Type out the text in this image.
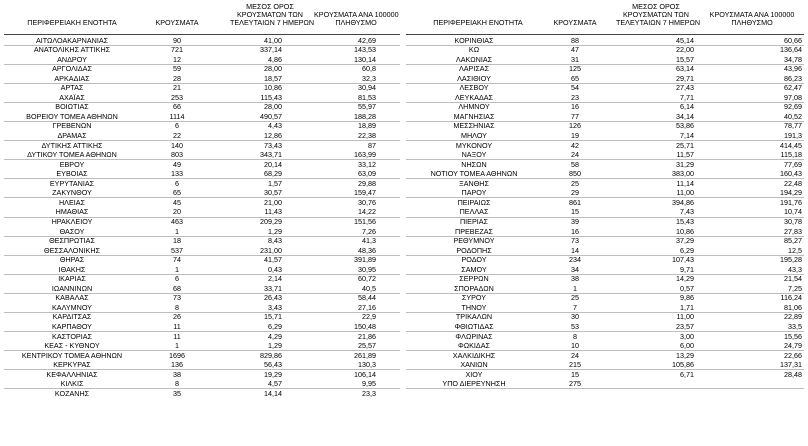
ΠΕΡΙΦΕΡΕΙΑΚΗ ΕΝΟΤΗΤΑ	ΚΡΟΥΣΜΑΤΑ
ΜΕΣΟΣ ΟΡΟΣ
ΚΡΟΥΣΜΑΤΩΝ ΤΩΝ
ΤΕΛΕΥΤΑΙΩΝ 7 ΗΜΕΡΩΝ
ΚΡΟΥΣΜΑΤΑ ΑΝΑ 100000
ΠΛΗΘΥΣΜΟ	ΠΕΡΙΦΕΡΕΙΑΚΗ ΕΝΟΤΗΤΑ	ΚΡΟΥΣΜΑΤΑ
ΜΕΣΟΣ ΟΡΟΣ
ΚΡΟΥΣΜΑΤΩΝ ΤΩΝ
ΤΕΛΕΥΤΑΙΩΝ 7 ΗΜΕΡΩΝ
ΚΡΟΥΣΜΑΤΑ ΑΝΑ 100000
ΠΛΗΘΥΣΜΟ
ΑΙΤΩΛΟΑΚΑΡΝΑΝΙΑΣ	90	41,00	42,69
ΑΝΑΤΟΛΙΚΗΣ ΑΤΤΙΚΗΣ	721	337,14	143,53
ΑΝΔΡΟΥ	12	4,86	130,14
ΑΡΓΟΛΙΔΑΣ	59	28,00	60,8
ΑΡΚΑΔΙΑΣ	28	18,57	32,3
ΑΡΤΑΣ	21	10,86	30,94
ΑΧΑΪΑΣ	253	115,43	81,53
ΒΟΙΩΤΙΑΣ	66	28,00	55,97
ΒΟΡΕΙΟΥ ΤΟΜΕΑ ΑΘΗΝΩΝ	1114	490,57	188,28
ΓΡΕΒΕΝΩΝ	6	4,43	18,89
ΔΡΑΜΑΣ	22	12,86	22,38
ΔΥΤΙΚΗΣ ΑΤΤΙΚΗΣ	140	73,43	87
ΔΥΤΙΚΟΥ ΤΟΜΕΑ ΑΘΗΝΩΝ	803	343,71	163,99
ΕΒΡΟΥ	49	20,14	33,12
ΕΥΒΟΙΑΣ	133	68,29	63,09
ΕΥΡΥΤΑΝΙΑΣ	6	1,57	29,88
ΖΑΚΥΝΘΟΥ	65	30,57	159,47
ΗΛΕΙΑΣ	45	21,00	30,76
ΗΜΑΘΙΑΣ	20	11,43	14,22
ΗΡΑΚΛΕΙΟΥ	463	209,29	151,56
ΘΑΣΟΥ	1	1,29	7,26
ΘΕΣΠΡΩΤΙΑΣ	18	8,43	41,3
ΘΕΣΣΑΛΟΝΙΚΗΣ	537	231,00	48,36
ΘΗΡΑΣ	74	41,57	391,89
ΙΘΑΚΗΣ	1	0,43	30,95
ΙΚΑΡΙΑΣ	6	2,14	60,72
ΙΩΑΝΝΙΝΩΝ	68	33,71	40,5
ΚΑΒΑΛΑΣ	73	26,43	58,44
ΚΑΛΥΜΝΟΥ	8	3,43	27,16
ΚΑΡΔΙΤΣΑΣ	26	15,71	22,9
ΚΑΡΠΑΘΟΥ	11	6,29	150,48
ΚΑΣΤΟΡΙΑΣ	11	4,29	21,86
ΚΕΑΣ - ΚΥΘΝΟΥ	1	1,29	25,57
ΚΕΝΤΡΙΚΟΥ ΤΟΜΕΑ ΑΘΗΝΩΝ	1696	829,86	261,89
ΚΕΡΚΥΡΑΣ	136	56,43	130,3
ΚΕΦΑΛΛΗΝΙΑΣ	38	19,29	106,14
ΚΙΛΚΙΣ	8	4,57	9,95
ΚΟΖΑΝΗΣ	35	14,14	23,3
ΚΟΡΙΝΘΙΑΣ	88	45,14	60,66
ΚΩ	47	22,00	136,64
ΛΑΚΩΝΙΑΣ	31	15,57	34,78
ΛΑΡΙΣΑΣ	125	63,14	43,96
ΛΑΣΙΘΙΟΥ	65	29,71	86,23
ΛΕΣΒΟΥ	54	27,43	62,47
ΛΕΥΚΑΔΑΣ	23	7,71	97,08
ΛΗΜΝΟΥ	16	6,14	92,69
ΜΑΓΝΗΣΙΑΣ	77	34,14	40,52
ΜΕΣΣΗΝΙΑΣ	126	53,86	78,77
ΜΗΛΟΥ	19	7,14	191,3
ΜΥΚΟΝΟΥ	42	25,71	414,45
ΝΑΞΟΥ	24	11,57	115,18
ΝΗΣΩΝ	58	31,29	77,69
ΝΟΤΙΟΥ ΤΟΜΕΑ ΑΘΗΝΩΝ	850	383,00	160,43
ΞΑΝΘΗΣ	25	11,14	22,48
ΠΑΡΟΥ	29	11,00	194,29
ΠΕΙΡΑΙΩΣ	861	394,86	191,76
ΠΕΛΛΑΣ	15	7,43	10,74
ΠΙΕΡΙΑΣ	39	15,43	30,78
ΠΡΕΒΕΖΑΣ	16	10,86	27,83
ΡΕΘΥΜΝΟΥ	73	37,29	85,27
ΡΟΔΟΠΗΣ	14	6,29	12,5
ΡΟΔΟΥ	234	107,43	195,28
ΣΑΜΟΥ	34	9,71	43,3
ΣΕΡΡΩΝ	38	14,29	21,54
ΣΠΟΡΑΔΩΝ	1	0,57	7,25
ΣΥΡΟΥ	25	9,86	116,24
ΤΗΝΟΥ	7	1,71	81,06
ΤΡΙΚΑΛΩΝ	30	11,00	22,89
ΦΘΙΩΤΙΔΑΣ	53	23,57	33,5
ΦΛΩΡΙΝΑΣ	8	3,00	15,56
ΦΩΚΙΔΑΣ	10	6,00	24,79
ΧΑΛΚΙΔΙΚΗΣ	24	13,29	22,66
ΧΑΝΙΩΝ	215	105,86	137,31
ΧΙΟΥ	15	6,71	28,48
ΥΠΟ ΔΙΕΡΕΥΝΗΣΗ	275
